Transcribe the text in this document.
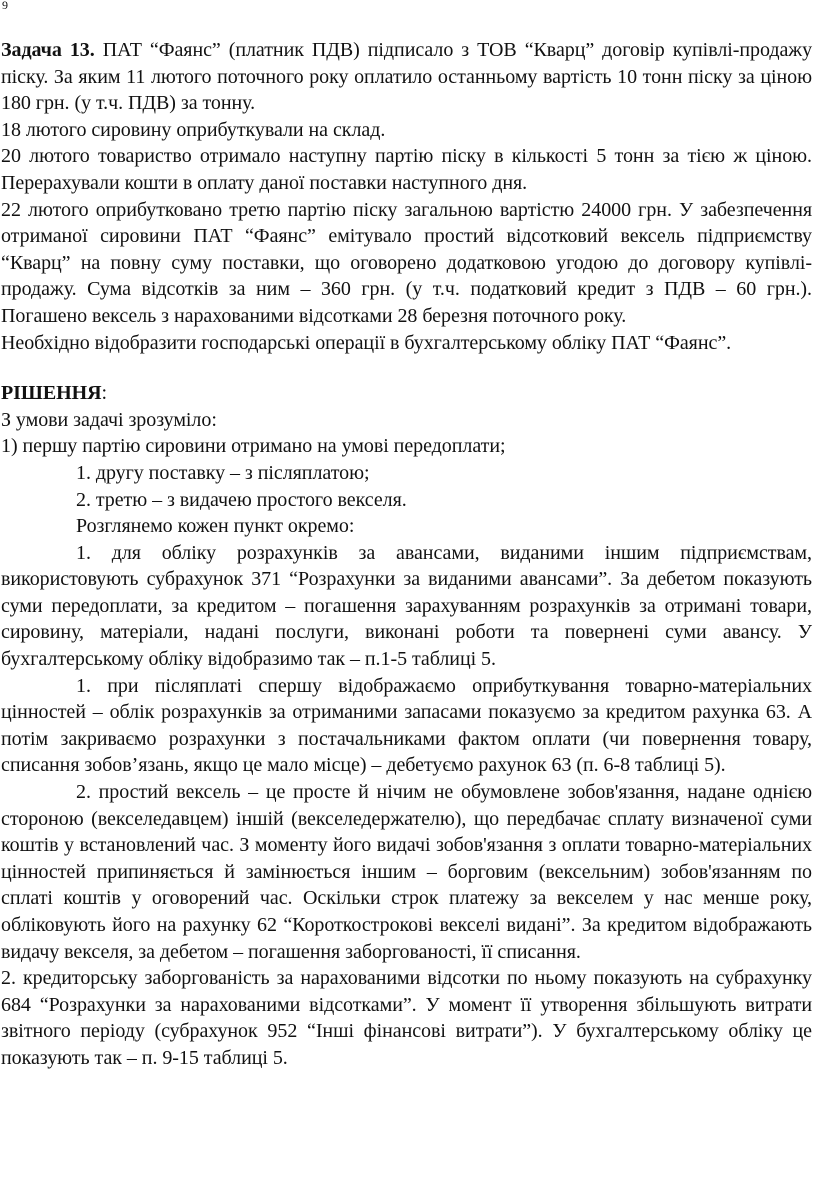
9

Задача 13. ПАТ “Фаянс” (платник ПДВ) підписало з ТОВ “Кварц” договір купівлі-продажу піску. За яким 11 лютого поточного року оплатило останньому вартість 10 тонн піску за ціною 180 грн. (у т.ч. ПДВ) за тонну.

18 лютого сировину оприбуткували на склад.

20 лютого товариство отримало наступну партію піску в кількості 5 тонн за тією ж ціною. Перерахували кошти в оплату даної поставки наступного дня.

22 лютого оприбутковано третю партію піску загальною вартістю 24000 грн. У забезпечення отриманої сировини ПАТ “Фаянс” емітувало простий відсотковий вексель підприємству “Кварц” на повну суму поставки, що оговорено додатковою угодою до договору купівлі-продажу. Сума відсотків за ним – 360 грн. (у т.ч. податковий кредит з ПДВ – 60 грн.). Погашено вексель з нарахованими відсотками 28 березня поточного року.

Необхідно відобразити господарські операції в бухгалтерському обліку ПАТ “Фаянс”.

РІШЕННЯ:

З умови задачі зрозуміло:

1) першу партію сировини отримано на умові передоплати;

1. другу поставку – з післяплатою;

2. третю – з видачею простого векселя.

Розглянемо кожен пункт окремо:

1. для обліку розрахунків за авансами, виданими іншим підприємствам, використовують субрахунок 371 “Розрахунки за виданими авансами”. За дебетом показують суми передоплати, за кредитом – погашення зарахуванням розрахунків за отримані товари, сировину, матеріали, надані послуги, виконані роботи та повернені суми авансу. У бухгалтерському обліку відобразимо так – п.1-5 таблиці 5.

1. при післяплаті спершу відображаємо оприбуткування товарно-матеріальних цінностей – облік розрахунків за отриманими запасами показуємо за кредитом рахунка 63. А потім закриваємо розрахунки з постачальниками фактом оплати (чи повернення товару, списання зобов’язань, якщо це мало місце) – дебетуємо рахунок 63 (п. 6-8 таблиці 5).

2. простий вексель – це просте й нічим не обумовлене зобов'язання, надане однією стороною (векселедавцем) іншій (векселедержателю), що передбачає сплату визначеної суми коштів у встановлений час. З моменту його видачі зобов'язання з оплати товарно-матеріальних цінностей припиняється й замінюється іншим – борговим (вексельним) зобов'язанням по сплаті коштів у оговорений час. Оскільки строк платежу за векселем у нас менше року, обліковують його на рахунку 62 “Короткострокові векселі видані”. За кредитом відображають видачу векселя, за дебетом – погашення заборгованості, її списання.

2. кредиторську заборгованість за нарахованими відсотки по ньому показують на субрахунку 684 “Розрахунки за нарахованими відсотками”. У момент її утворення збільшують витрати звітного періоду (субрахунок 952 “Інші фінансові витрати”). У бухгалтерському обліку це показують так – п. 9-15 таблиці 5.
